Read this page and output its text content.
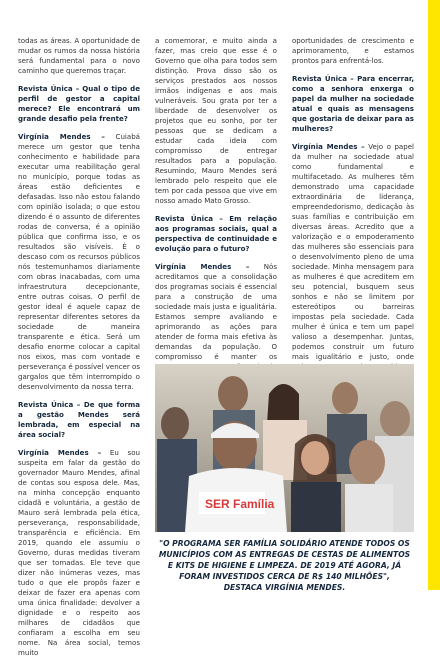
todas as áreas. A oportunidade de mudar os rumos da nossa história será fundamental para o novo caminho que queremos traçar.

Revista Única – Qual o tipo de perfil de gestor a capital merece? Ele encontrará um grande desafio pela frente?

Virgínia Mendes – Cuiabá merece um gestor que tenha conhecimento e habilidade para executar uma reabilitação geral no município, porque todas as áreas estão deficientes e defasadas. Isso não estou falando com opinião isolada; o que estou dizendo é o assunto de diferentes rodas de conversa, é a opinião pública que confirma isso, e os resultados são visíveis. É o descaso com os recursos públicos nós testemunhamos diariamente com obras inacabadas, com uma infraestrutura decepcionante, entre outras coisas. O perfil de gestor ideal é aquele capaz de representar diferentes setores da sociedade de maneira transparente e ética. Será um desafio enorme colocar a capital nos eixos, mas com vontade e perseverança é possível vencer os gargalos que têm interrompido o desenvolvimento da nossa terra.

Revista Única – De que forma a gestão Mendes será lembrada, em especial na área social?

Virgínia Mendes – Eu sou suspeita em falar da gestão do governador Mauro Mendes, afinal de contas sou esposa dele. Mas, na minha concepção enquanto cidadã e voluntária, a gestão de Mauro será lembrada pela ética, perseverança, responsabilidade, transparência e eficiência. Em 2019, quando ele assumiu o Governo, duras medidas tiveram que ser tomadas. Ele teve que dizer não inúmeras vezes, mas tudo o que ele propôs fazer e deixar de fazer era apenas com uma única finalidade: devolver a dignidade e o respeito aos milhares de cidadãos que confiaram a escolha em seu nome. Na área social, temos muito

a comemorar, e muito ainda a fazer, mas creio que esse é o Governo que olha para todos sem distinção. Prova disso são os serviços prestados aos nossos irmãos indígenas e aos mais vulneráveis. Sou grata por ter a liberdade de desenvolver os projetos que eu sonho, por ter pessoas que se dedicam a estudar cada ideia com compromisso de entregar resultados para a população. Resumindo, Mauro Mendes será lembrado pelo respeito que ele tem por cada pessoa que vive em nosso amado Mato Grosso.

Revista Única – Em relação aos programas sociais, qual a perspectiva de continuidade e evolução para o futuro?

Virgínia Mendes – Nós acreditamos que a consolidação dos programas sociais é essencial para a construção de uma sociedade mais justa e igualitária. Estamos sempre avaliando e aprimorando as ações para atender de forma mais efetiva às demandas da população. O compromisso é manter os

oportunidades de crescimento e aprimoramento, e estamos prontos para enfrentá-los.

Revista Única – Para encerrar, como a senhora enxerga o papel da mulher na sociedade atual e quais as mensagens que gostaria de deixar para as mulheres?

Virgínia Mendes – Vejo o papel da mulher na sociedade atual como fundamental e multifacetado. As mulheres têm demonstrado uma capacidade extraordinária de liderança, empreendedorismo, dedicação às suas famílias e contribuição em diversas áreas. Acredito que a valorização e o empoderamento das mulheres são essenciais para o desenvolvimento pleno de uma sociedade. Minha mensagem para as mulheres é que acreditem em seu potencial, busquem seus sonhos e não se limitem por estereótipos ou barreiras impostas pela sociedade. Cada mulher é única e tem um papel valioso a desempenhar. Juntas, podemos construir um futuro mais igualitário e justo, onde

SER Família
"O PROGRAMA SER FAMÍLIA SOLIDÁRIO ATENDE TODOS OS MUNICÍPIOS COM AS ENTREGAS DE CESTAS DE ALIMENTOS E KITS DE HIGIENE E LIMPEZA. DE 2019 ATÉ AGORA, JÁ FORAM INVESTIDOS CERCA DE R$ 140 MILHÕES",
DESTACA VIRGÍNIA MENDES.
